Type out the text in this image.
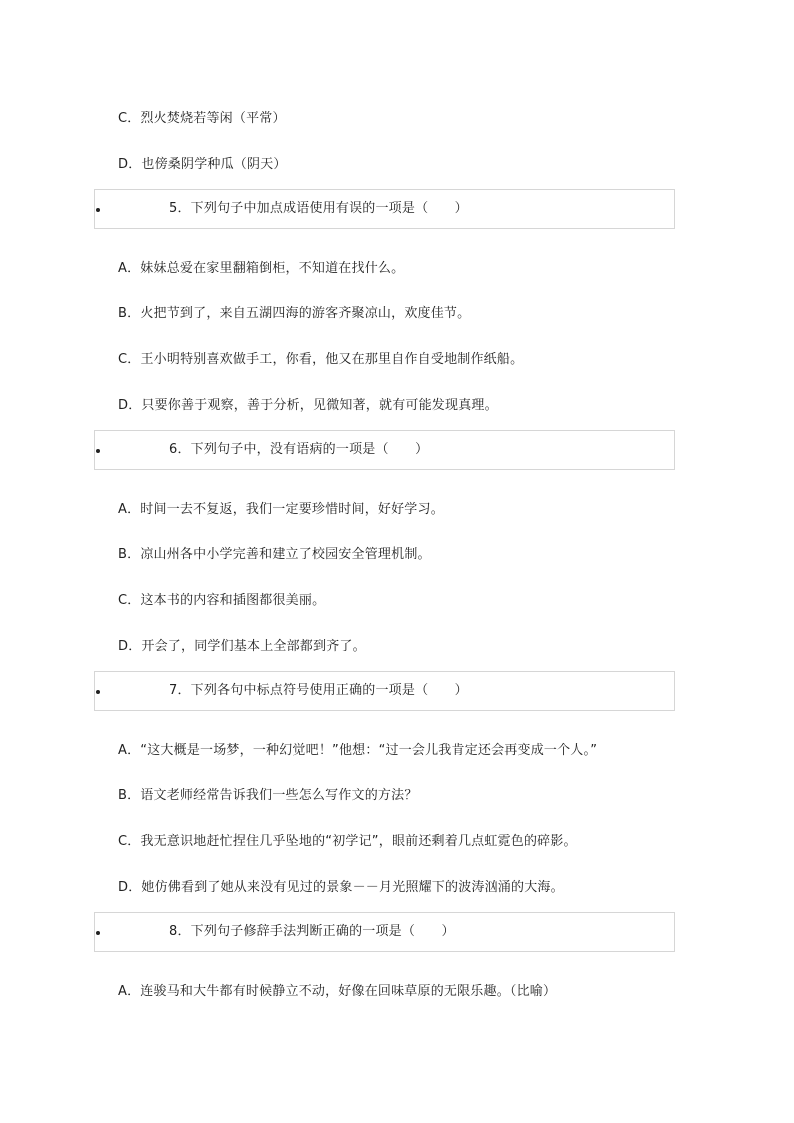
C．烈火焚烧若等闲（平常）
D．也傍桑阴学种瓜（阴天）
5．下列句子中加点成语使用有误的一项是（　　）
A．妹妹总爱在家里翻箱倒柜，不知道在找什么。
B．火把节到了，来自五湖四海的游客齐聚凉山，欢度佳节。
C．王小明特别喜欢做手工，你看，他又在那里自作自受地制作纸船。
D．只要你善于观察，善于分析，见微知著，就有可能发现真理。
6．下列句子中，没有语病的一项是（　　）
A．时间一去不复返，我们一定要珍惜时间，好好学习。
B．凉山州各中小学完善和建立了校园安全管理机制。
C．这本书的内容和插图都很美丽。
D．开会了，同学们基本上全部都到齐了。
7．下列各句中标点符号使用正确的一项是（　　）
A．“这大概是一场梦，一种幻觉吧！”他想：“过一会儿我肯定还会再变成一个人。”
B．语文老师经常告诉我们一些怎么写作文的方法？
C．我无意识地赶忙捏住几乎坠地的“初学记”，眼前还剩着几点虹霓色的碎影。
D．她仿佛看到了她从来没有见过的景象－－月光照耀下的波涛汹涌的大海。
8．下列句子修辞手法判断正确的一项是（　　）
A．连骏马和大牛都有时候静立不动，好像在回味草原的无限乐趣。（比喻）
